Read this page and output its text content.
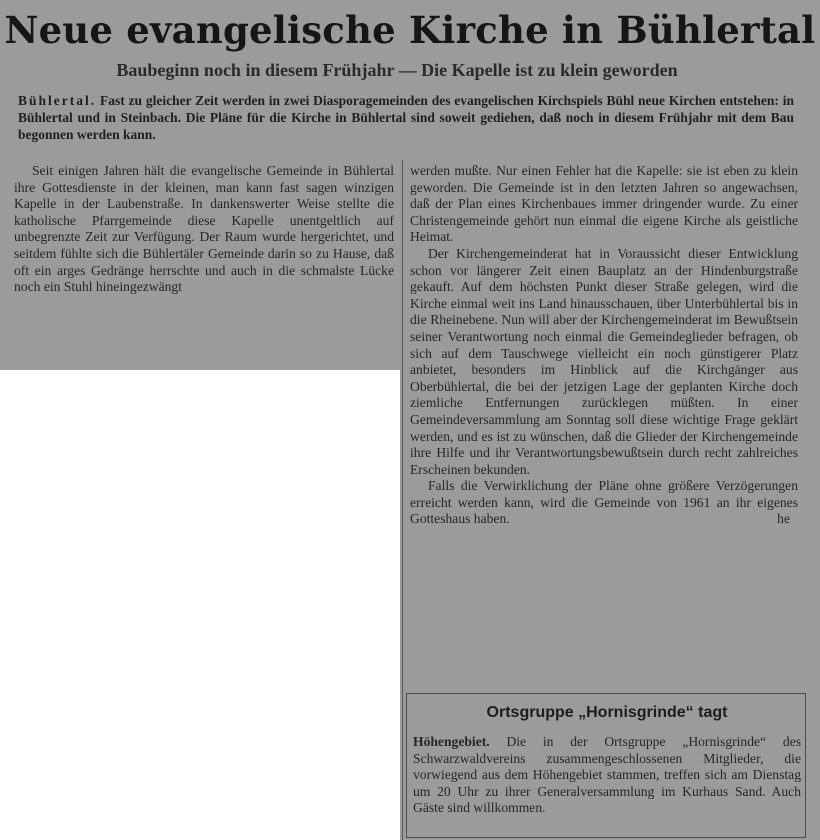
Neue evangelische Kirche in Bühlertal
Baubeginn noch in diesem Frühjahr — Die Kapelle ist zu klein geworden
Bühlertal. Fast zu gleicher Zeit werden in zwei Diasporagemeinden des evangelischen Kirchspiels Bühl neue Kirchen entstehen: in Bühlertal und in Steinbach. Die Pläne für die Kirche in Bühlertal sind soweit gediehen, daß noch in diesem Frühjahr mit dem Bau begonnen werden kann.

Seit einigen Jahren hält die evangelische Gemeinde in Bühlertal ihre Gottesdienste in der kleinen, man kann fast sagen winzigen Kapelle in der Laubenstraße. In dankenswerter Weise stellte die katholische Pfarrgemeinde diese Kapelle unentgeltlich auf unbegrenzte Zeit zur Verfügung. Der Raum wurde hergerichtet, und seitdem fühlte sich die Bühlertäler Gemeinde darin so zu Hause, daß oft ein arges Gedränge herrschte und auch in die schmalste Lücke noch ein Stuhl hineingezwängt

werden mußte. Nur einen Fehler hat die Kapelle: sie ist eben zu klein geworden. Die Gemeinde ist in den letzten Jahren so angewachsen, daß der Plan eines Kirchenbaues immer dringender wurde. Zu einer Christengemeinde gehört nun einmal die eigene Kirche als geistliche Heimat.

Der Kirchengemeinderat hat in Voraussicht dieser Entwicklung schon vor längerer Zeit einen Bauplatz an der Hindenburgstraße gekauft. Auf dem höchsten Punkt dieser Straße gelegen, wird die Kirche einmal weit ins Land hinausschauen, über Unterbühlertal bis in die Rheinebene. Nun will aber der Kirchengemeinderat im Bewußtsein seiner Verantwortung noch einmal die Gemeindeglieder befragen, ob sich auf dem Tauschwege vielleicht ein noch günstigerer Platz anbietet, besonders im Hinblick auf die Kirchgänger aus Oberbühlertal, die bei der jetzigen Lage der geplanten Kirche doch ziemliche Entfernungen zurücklegen müßten. In einer Gemeindeversammlung am Sonntag soll diese wichtige Frage geklärt werden, und es ist zu wünschen, daß die Glieder der Kirchengemeinde ihre Hilfe und ihr Verantwortungsbewußtsein durch recht zahlreiches Erscheinen bekunden.

Falls die Verwirklichung der Pläne ohne größere Verzögerungen erreicht werden kann, wird die Gemeinde von 1961 an ihr eigenes Gotteshaus haben.	he

Ortsgruppe „Hornisgrinde“ tagt
Höhengebiet. Die in der Ortsgruppe „Hornisgrinde“ des Schwarzwaldvereins zusammengeschlossenen Mitglieder, die vorwiegend aus dem Höhengebiet stammen, treffen sich am Dienstag um 20 Uhr zu ihrer Generalversammlung im Kurhaus Sand. Auch Gäste sind willkommen.
